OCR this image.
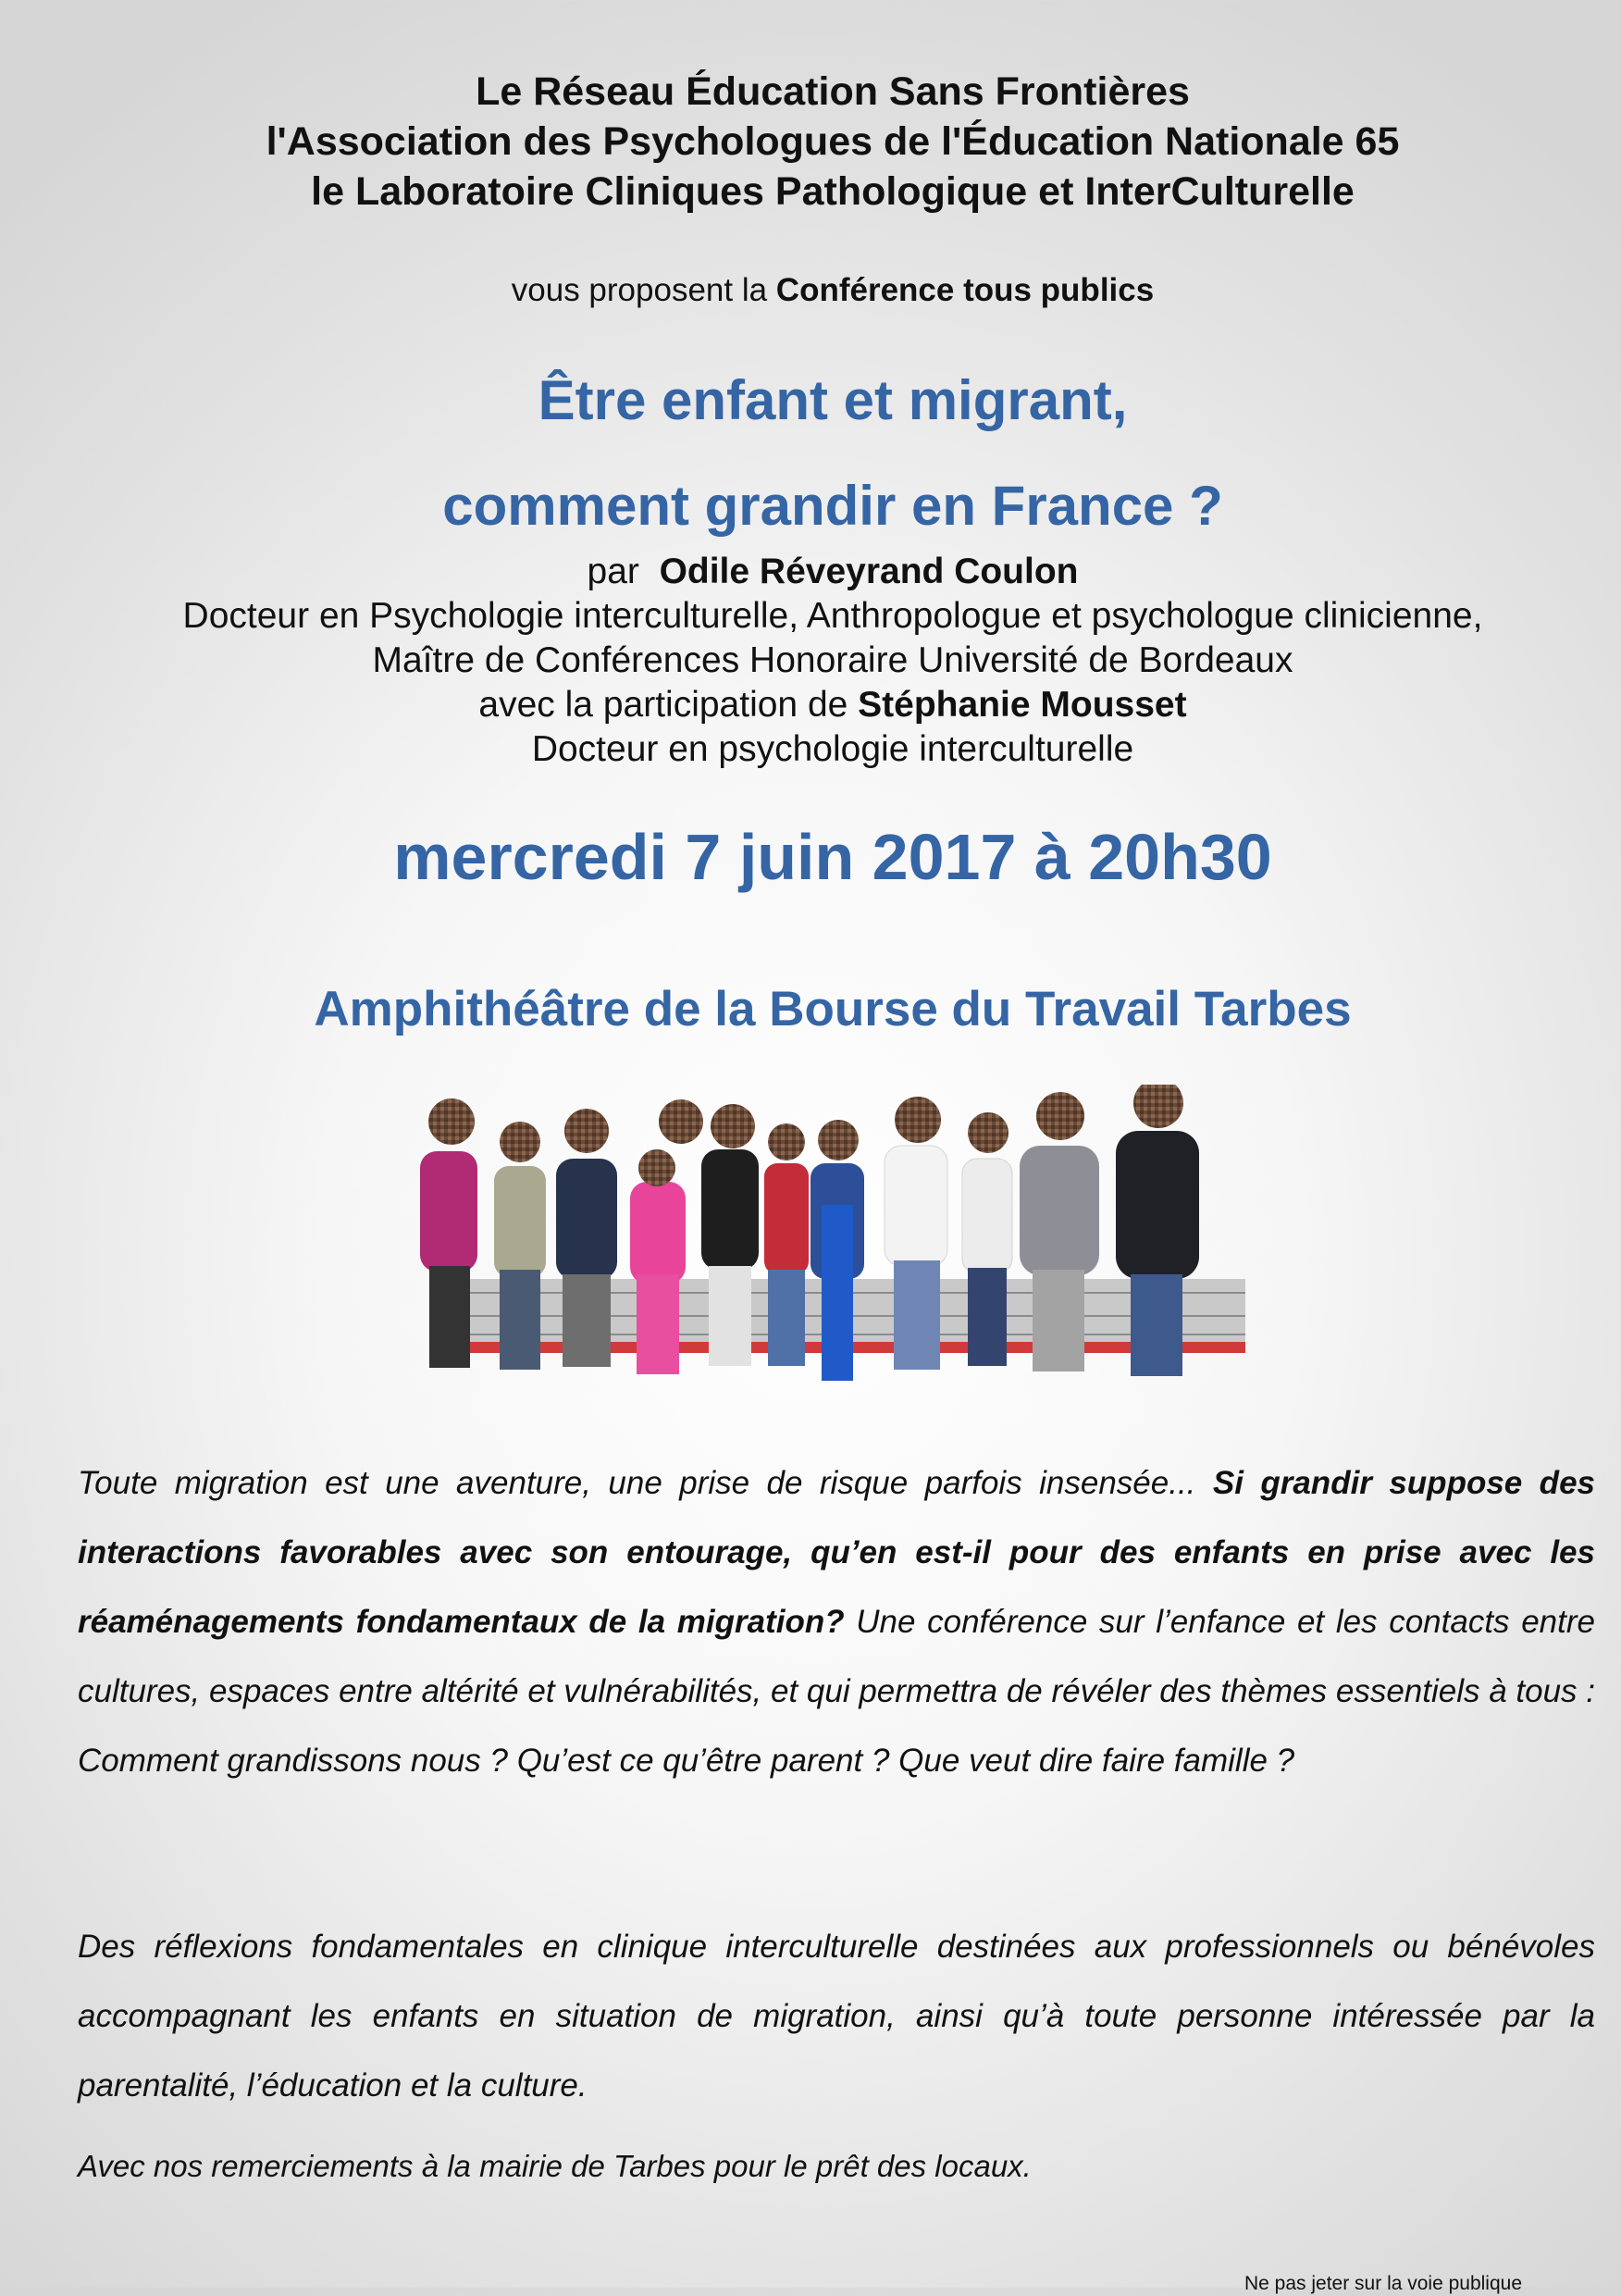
Le Réseau Éducation Sans Frontières
l'Association des Psychologues de l'Éducation Nationale 65
le Laboratoire Cliniques Pathologique et InterCulturelle
vous proposent la Conférence tous publics
Être enfant et migrant,
comment grandir en France ?
par  Odile Réveyrand Coulon
Docteur en Psychologie interculturelle, Anthropologue et psychologue clinicienne,
Maître de Conférences Honoraire Université de Bordeaux
avec la participation de Stéphanie Mousset
Docteur en psychologie interculturelle
mercredi 7 juin 2017 à 20h30
Amphithéâtre de la Bourse du Travail Tarbes
Toute migration est une aventure, une prise de risque parfois insensée... Si grandir suppose des interactions favorables avec son entourage, qu’en est-il pour des enfants en prise avec les réaménagements fondamentaux de la migration? Une conférence sur l’enfance et les contacts entre cultures, espaces entre altérité et vulnérabilités, et qui permettra de révéler des thèmes essentiels à tous : Comment grandissons nous ? Qu’est ce qu’être parent ? Que veut dire faire famille ?
Des réflexions fondamentales en clinique interculturelle destinées aux professionnels ou bénévoles accompagnant les enfants en situation de migration, ainsi qu’à toute personne intéressée par la parentalité, l’éducation et la culture.
Avec nos remerciements à la mairie de Tarbes pour le prêt des locaux.
Ne pas jeter sur la voie publique
